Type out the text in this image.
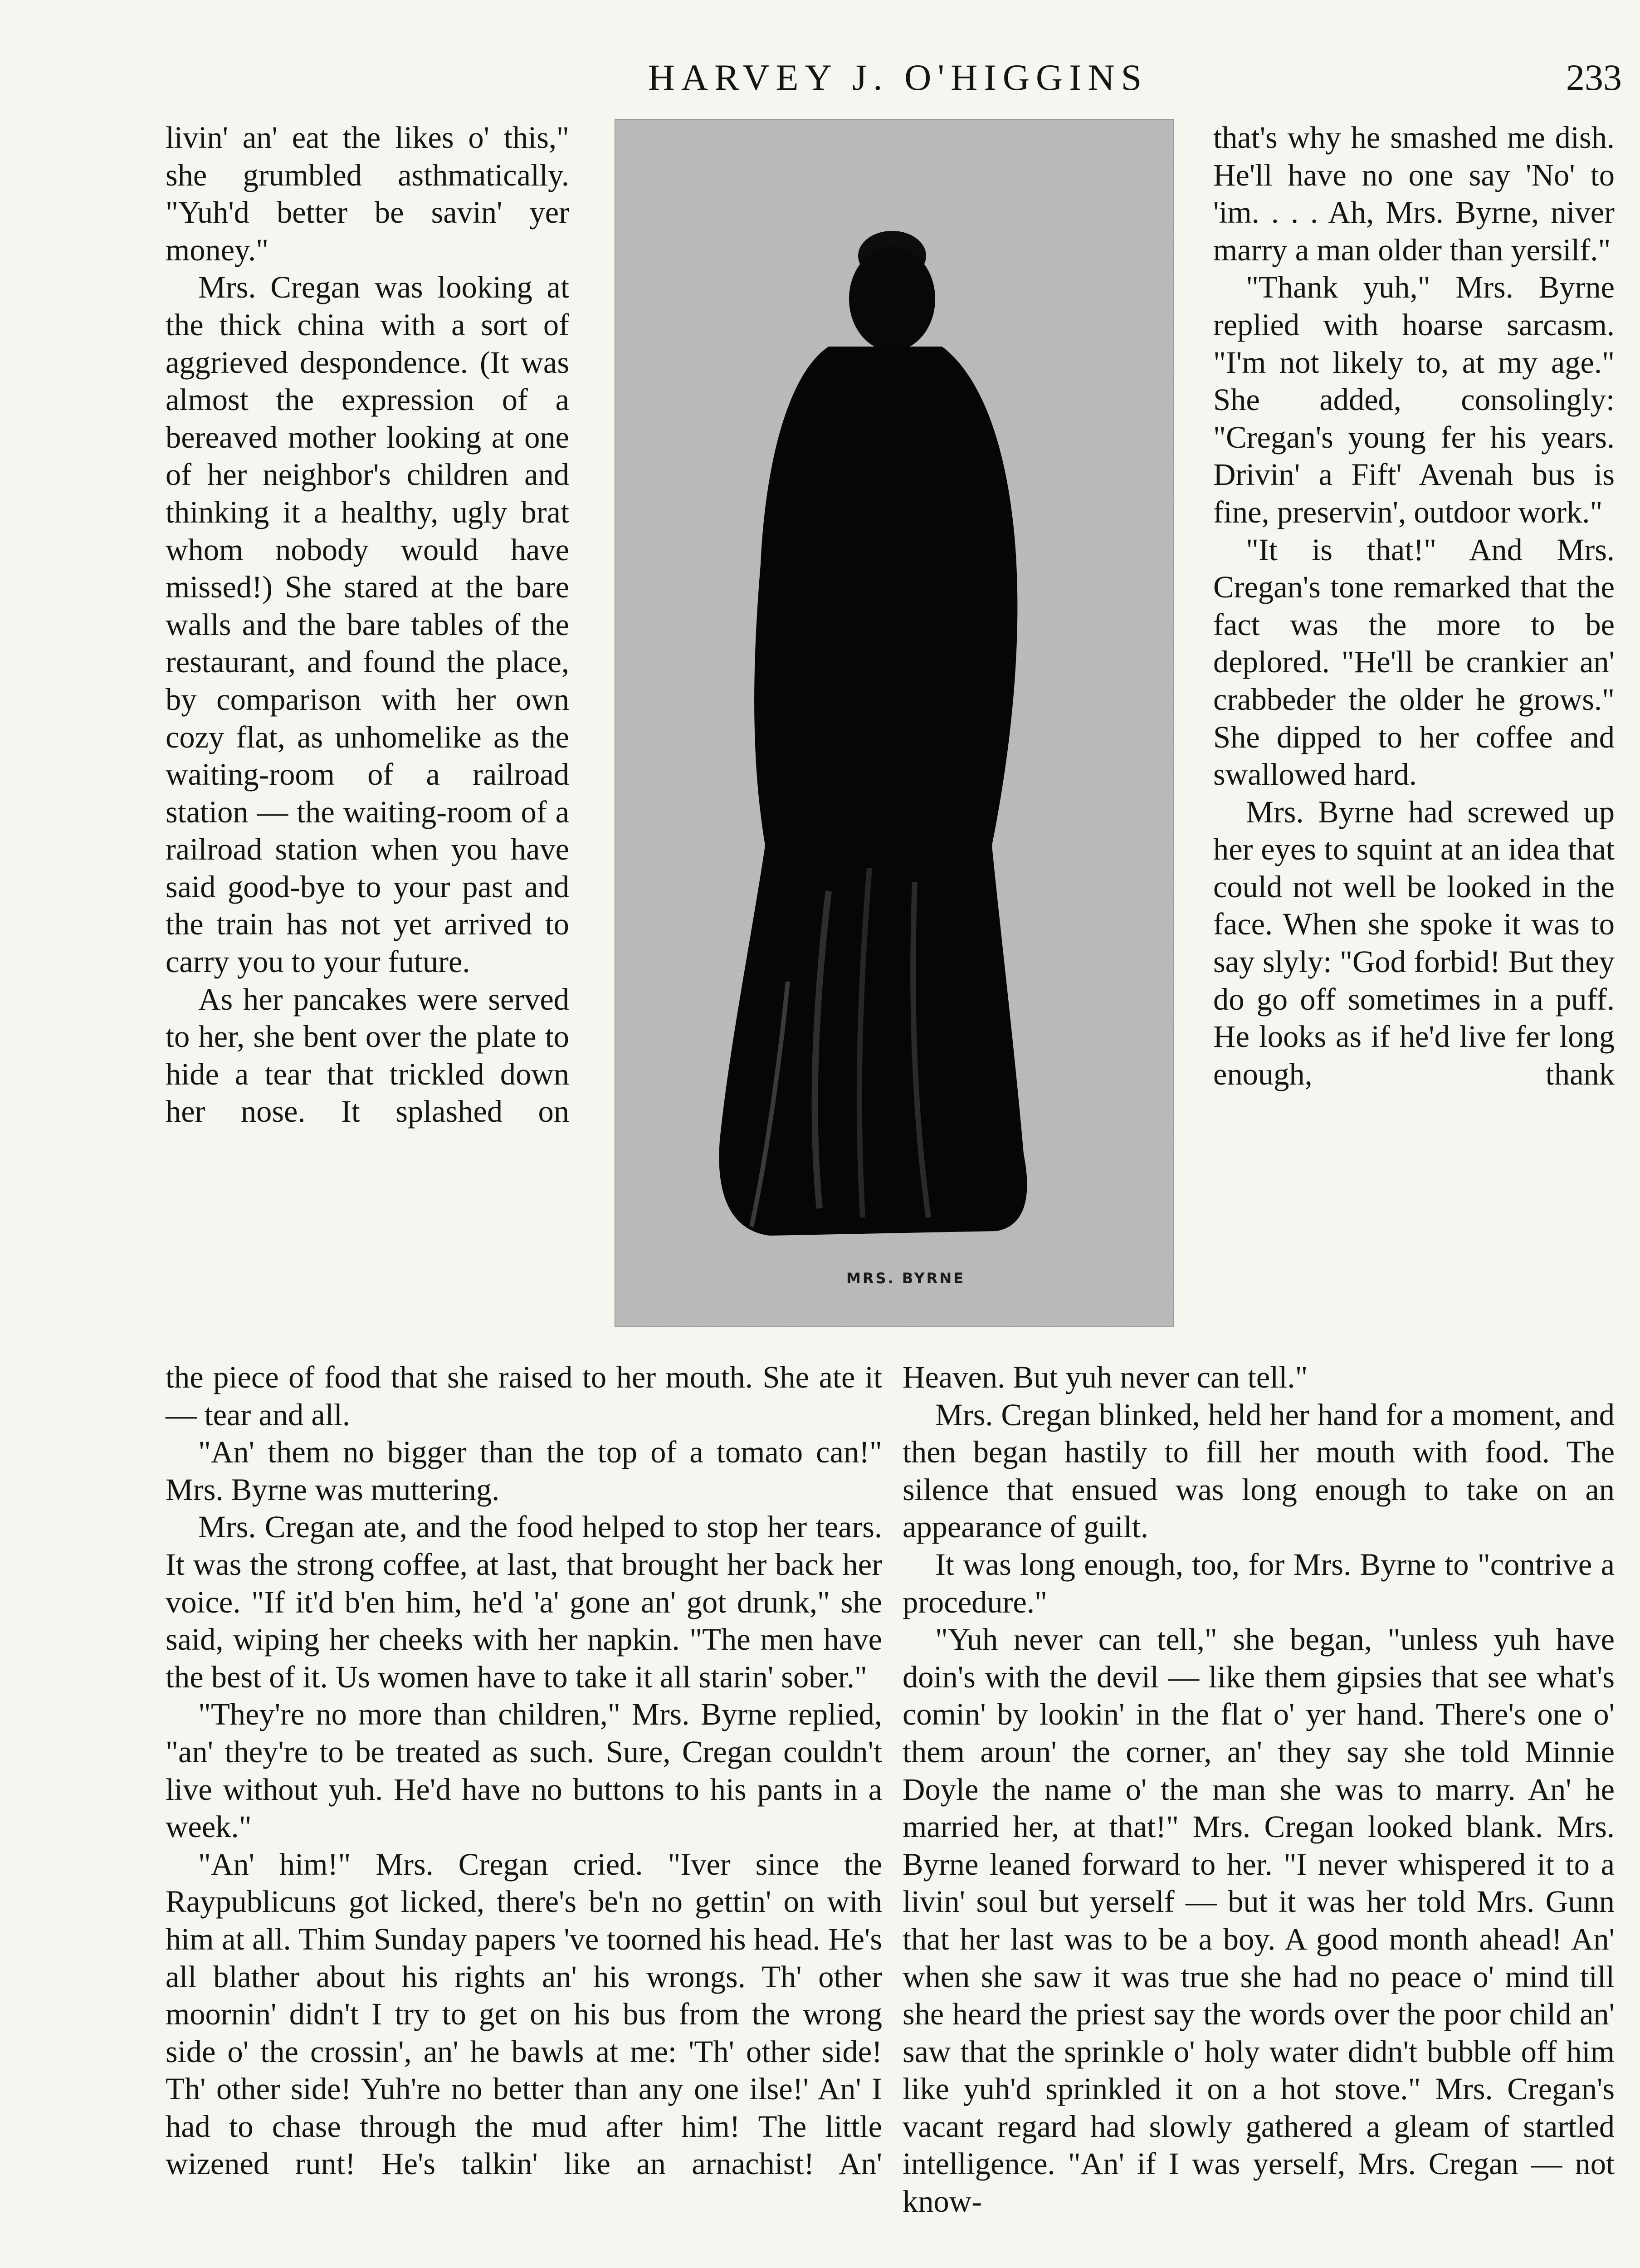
HARVEY J. O'HIGGINS	233

livin' an' eat the likes o' this," she grumbled asthmatically. "Yuh'd better be savin' yer money."

Mrs. Cregan was looking at the thick china with a sort of aggrieved despondence. (It was almost the expression of a bereaved mother looking at one of her neighbor's children and thinking it a healthy, ugly brat whom nobody would have missed!) She stared at the bare walls and the bare tables of the restaurant, and found the place, by comparison with her own cozy flat, as unhomelike as the waiting-room of a railroad station — the waiting-room of a railroad station when you have said good-bye to your past and the train has not yet arrived to carry you to your future.

As her pancakes were served to her, she bent over the plate to hide a tear that trickled down her nose. It splashed on

MRS. BYRNE

that's why he smashed me dish. He'll have no one say 'No' to 'im. . . . Ah, Mrs. Byrne, niver marry a man older than yersilf."

"Thank yuh," Mrs. Byrne replied with hoarse sarcasm. "I'm not likely to, at my age." She added, consolingly: "Cregan's young fer his years. Drivin' a Fift' Avenah bus is fine, preservin', outdoor work."

"It is that!" And Mrs. Cregan's tone remarked that the fact was the more to be deplored. "He'll be crankier an' crabbeder the older he grows." She dipped to her coffee and swallowed hard.

Mrs. Byrne had screwed up her eyes to squint at an idea that could not well be looked in the face. When she spoke it was to say slyly: "God forbid! But they do go off sometimes in a puff. He looks as if he'd live fer long enough, thank

the piece of food that she raised to her mouth. She ate it — tear and all.

"An' them no bigger than the top of a tomato can!" Mrs. Byrne was muttering.

Mrs. Cregan ate, and the food helped to stop her tears. It was the strong coffee, at last, that brought her back her voice. "If it'd b'en him, he'd 'a' gone an' got drunk," she said, wiping her cheeks with her napkin. "The men have the best of it. Us women have to take it all starin' sober."

"They're no more than children," Mrs. Byrne replied, "an' they're to be treated as such. Sure, Cregan couldn't live without yuh. He'd have no buttons to his pants in a week."

"An' him!" Mrs. Cregan cried. "Iver since the Raypublicuns got licked, there's be'n no gettin' on with him at all. Thim Sunday papers 've toorned his head. He's all blather about his rights an' his wrongs. Th' other moornin' didn't I try to get on his bus from the wrong side o' the crossin', an' he bawls at me: 'Th' other side! Th' other side! Yuh're no better than any one ilse!' An' I had to chase through the mud after him! The little wizened runt! He's talkin' like an arnachist! An'

Heaven. But yuh never can tell."

Mrs. Cregan blinked, held her hand for a moment, and then began hastily to fill her mouth with food. The silence that ensued was long enough to take on an appearance of guilt.

It was long enough, too, for Mrs. Byrne to "contrive a procedure."

"Yuh never can tell," she began, "unless yuh have doin's with the devil — like them gipsies that see what's comin' by lookin' in the flat o' yer hand. There's one o' them aroun' the corner, an' they say she told Minnie Doyle the name o' the man she was to marry. An' he married her, at that!" Mrs. Cregan looked blank. Mrs. Byrne leaned forward to her. "I never whispered it to a livin' soul but yerself — but it was her told Mrs. Gunn that her last was to be a boy. A good month ahead! An' when she saw it was true she had no peace o' mind till she heard the priest say the words over the poor child an' saw that the sprinkle o' holy water didn't bubble off him like yuh'd sprinkled it on a hot stove." Mrs. Cregan's vacant regard had slowly gathered a gleam of startled intelligence. "An' if I was yerself, Mrs. Cregan — not know-
